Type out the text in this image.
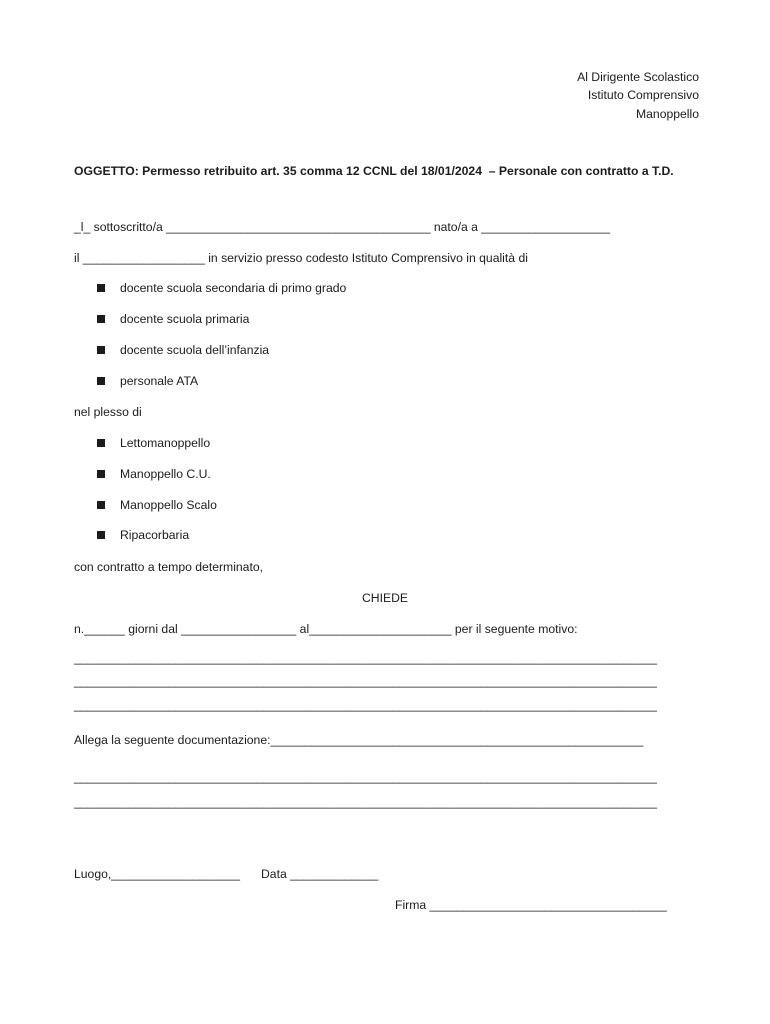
Al Dirigente Scolastico
Istituto Comprensivo
Manoppello
OGGETTO: Permesso retribuito art. 35 comma 12 CCNL del 18/01/2024  – Personale con contratto a T.D.
_l_ sottoscritto/a _______________________________________ nato/a a ___________________
il __________________ in servizio presso codesto Istituto Comprensivo in qualità di
docente scuola secondaria di primo grado
docente scuola primaria
docente scuola dell’infanzia
personale ATA
nel plesso di
Lettomanoppello
Manoppello C.U.
Manoppello Scalo
Ripacorbaria
con contratto a tempo determinato,
CHIEDE
n.______ giorni dal _________________ al_____________________ per il seguente motivo:
______________________________________________________________________________________
______________________________________________________________________________________
______________________________________________________________________________________
Allega la seguente documentazione:_______________________________________________________
______________________________________________________________________________________
______________________________________________________________________________________
Luogo,___________________ Data _____________
Firma ___________________________________
